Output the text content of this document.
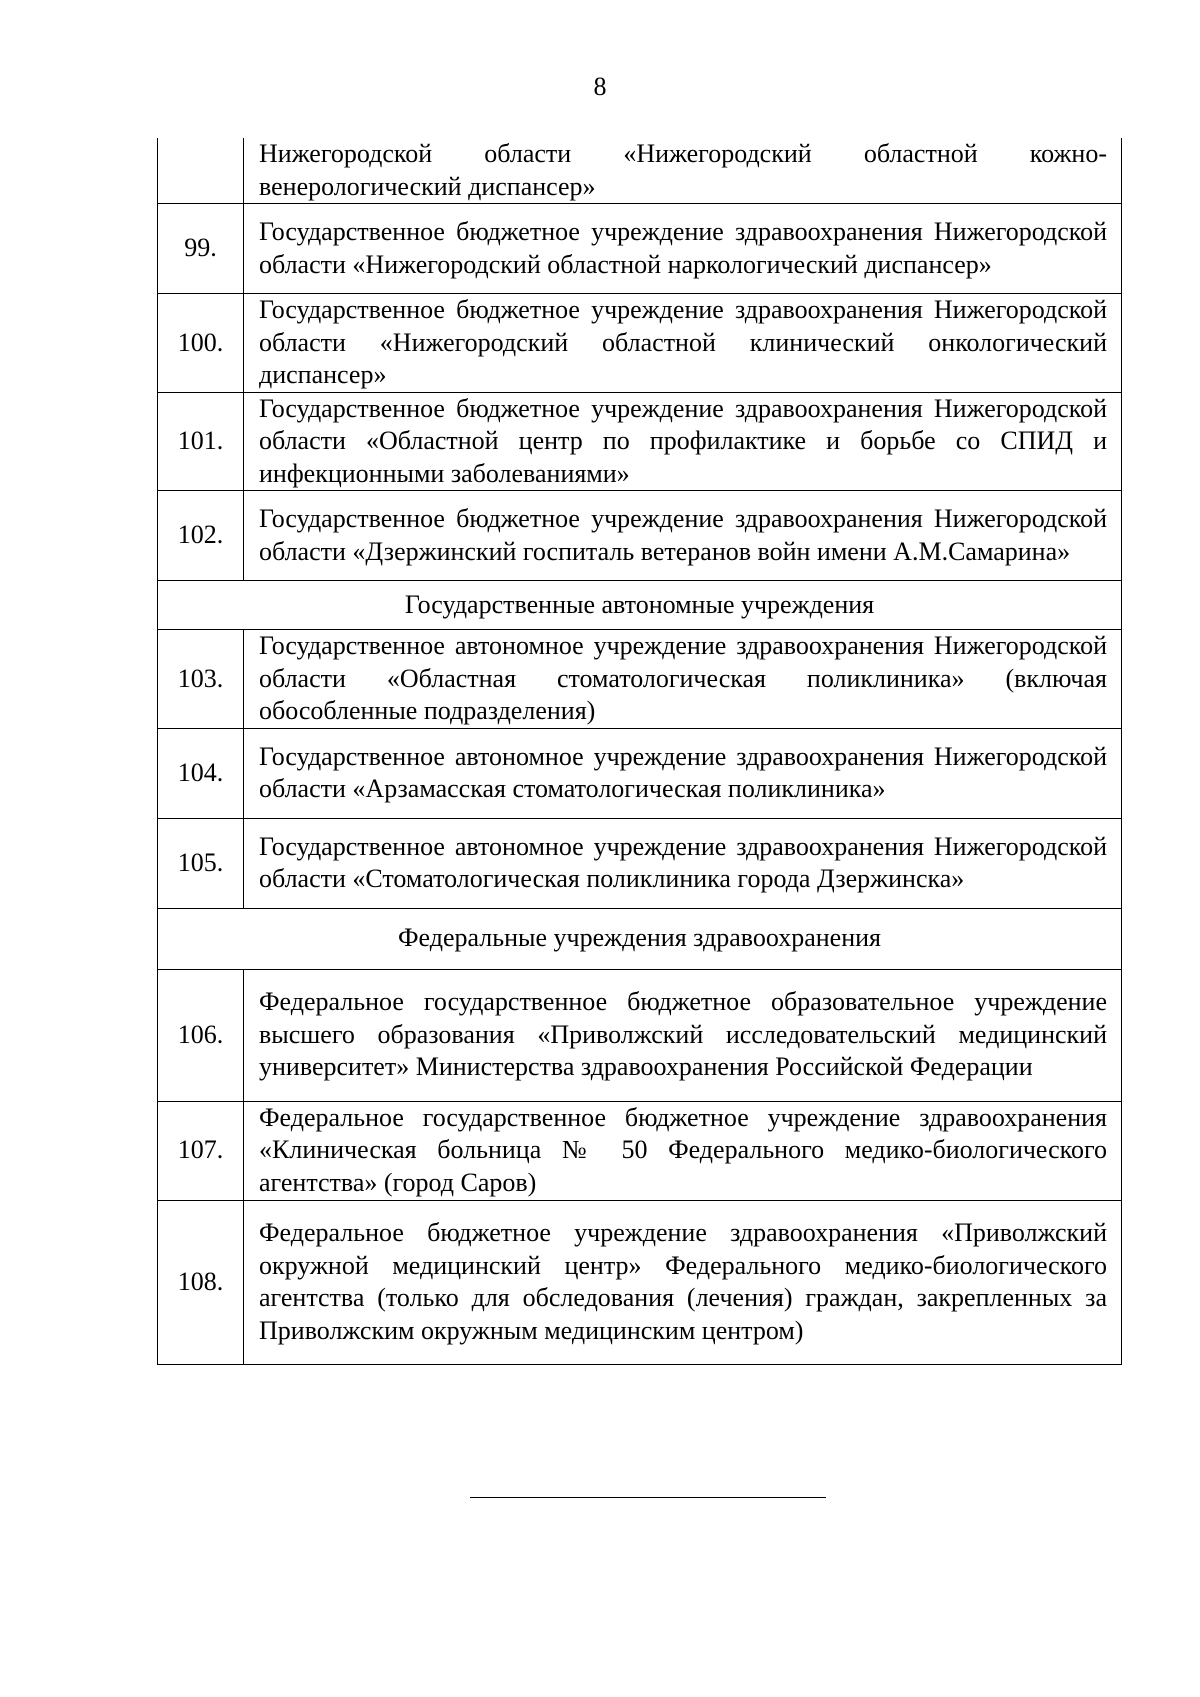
8
	Нижегородской области «Нижегородский областной кожно-венерологический диспансер»
99.	Государственное бюджетное учреждение здравоохранения Нижегородской области «Нижегородский областной наркологический диспансер»
100.	Государственное бюджетное учреждение здравоохранения Нижегородской области «Нижегородский областной клинический онкологический диспансер»
101.	Государственное бюджетное учреждение здравоохранения Нижегородской области «Областной центр по профилактике и борьбе со СПИД и инфекционными заболеваниями»
102.	Государственное бюджетное учреждение здравоохранения Нижегородской области «Дзержинский госпиталь ветеранов войн имени А.М.Самарина»
Государственные автономные учреждения	
103.	Государственное автономное учреждение здравоохранения Нижегородской области «Областная стоматологическая поликлиника» (включая обособленные подразделения)
104.	Государственное автономное учреждение здравоохранения Нижегородской области «Арзамасская стоматологическая поликлиника»
105.	Государственное автономное учреждение здравоохранения Нижегородской области «Стоматологическая поликлиника города Дзержинска»
Федеральные учреждения здравоохранения	
106.	Федеральное государственное бюджетное образовательное учреждение высшего образования «Приволжский исследовательский медицинский университет» Министерства здравоохранения Российской Федерации
107.	Федеральное государственное бюджетное учреждение здравоохранения «Клиническая больница № 50 Федерального медико-биологического агентства» (город Саров)
108.	Федеральное бюджетное учреждение здравоохранения «Приволжский окружной медицинский центр» Федерального медико-биологического агентства (только для обследования (лечения) граждан, закрепленных за Приволжским окружным медицинским центром)
